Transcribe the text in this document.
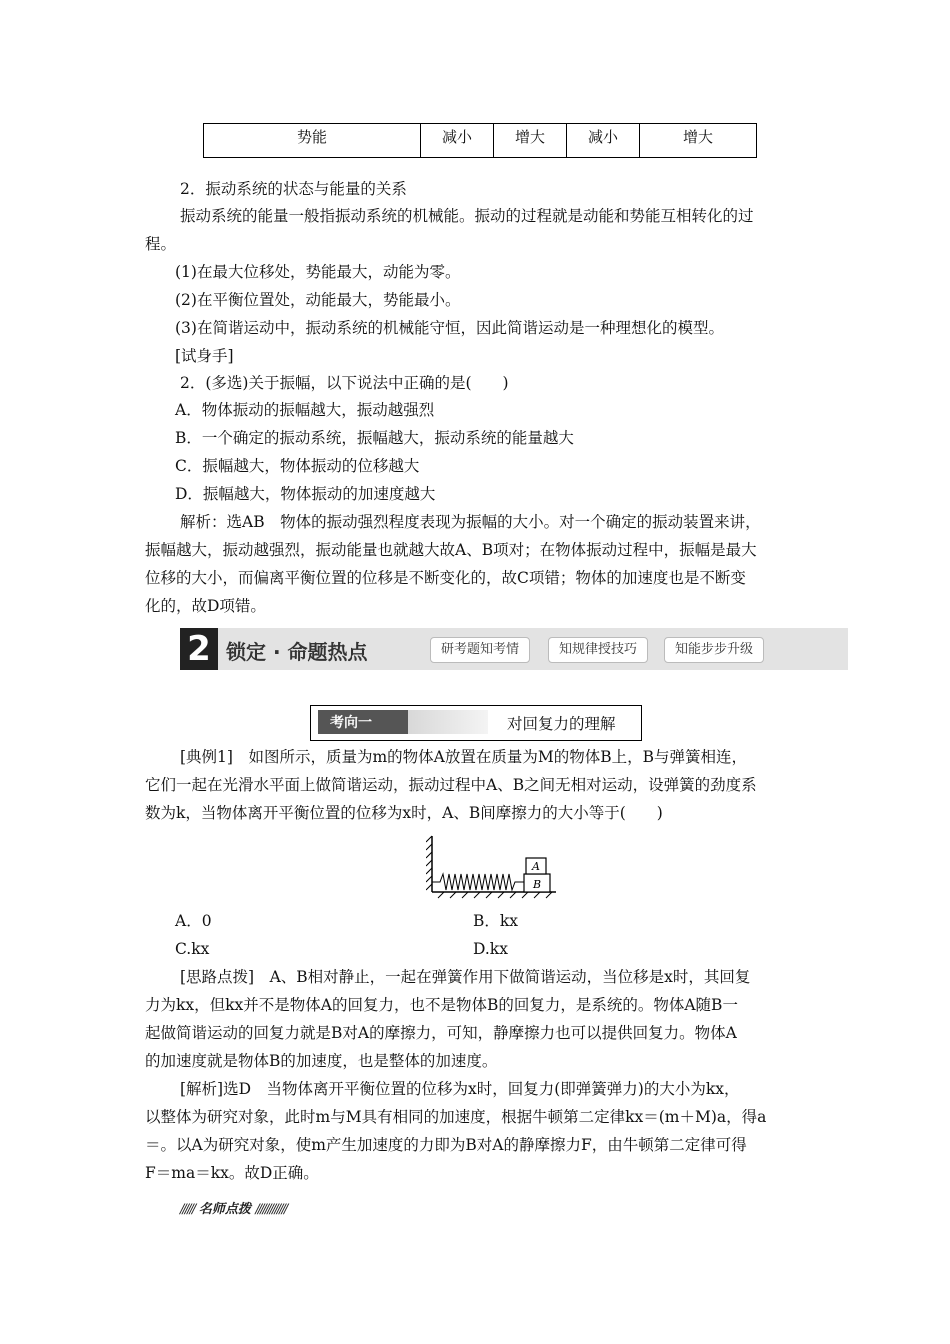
势能	减小	增大	减小	增大
2．振动系统的状态与能量的关系
振动系统的能量一般指振动系统的机械能。振动的过程就是动能和势能互相转化的过
程。
(1)在最大位移处，势能最大，动能为零。
(2)在平衡位置处，动能最大，势能最小。
(3)在简谐运动中，振动系统的机械能守恒，因此简谐运动是一种理想化的模型。
[试身手]
2．(多选)关于振幅，以下说法中正确的是(　　)
A．物体振动的振幅越大，振动越强烈
B．一个确定的振动系统，振幅越大，振动系统的能量越大
C．振幅越大，物体振动的位移越大
D．振幅越大，物体振动的加速度越大
解析：选AB　物体的振动强烈程度表现为振幅的大小。对一个确定的振动装置来讲，
振幅越大，振动越强烈，振动能量也就越大故A、B项对；在物体振动过程中，振幅是最大
位移的大小，而偏离平衡位置的位移是不断变化的，故C项错；物体的加速度也是不断变
化的，故D项错。
2 锁定 · 命题热点	研考题知考情	知规律授技巧	知能步步升级
考向一	对回复力的理解
[典例1]　如图所示，质量为m的物体A放置在质量为M的物体B上，B与弹簧相连，
它们一起在光滑水平面上做简谐运动，振动过程中A、B之间无相对运动，设弹簧的劲度系
数为k，当物体离开平衡位置的位移为x时，A、B间摩擦力的大小等于(　　)
A
B
A．0	B．kx
C.kx	D.kx
[思路点拨]　A、B相对静止，一起在弹簧作用下做简谐运动，当位移是x时，其回复
力为kx，但kx并不是物体A的回复力，也不是物体B的回复力，是系统的。物体A随B一
起做简谐运动的回复力就是B对A的摩擦力，可知，静摩擦力也可以提供回复力。物体A
的加速度就是物体B的加速度，也是整体的加速度。
[解析]选D　当物体离开平衡位置的位移为x时，回复力(即弹簧弹力)的大小为kx，
以整体为研究对象，此时m与M具有相同的加速度，根据牛顿第二定律kx＝(m＋M)a，得a
＝。以A为研究对象，使m产生加速度的力即为B对A的静摩擦力F，由牛顿第二定律可得
F＝ma＝kx。故D正确。
////// 名师点拨 /////////////
